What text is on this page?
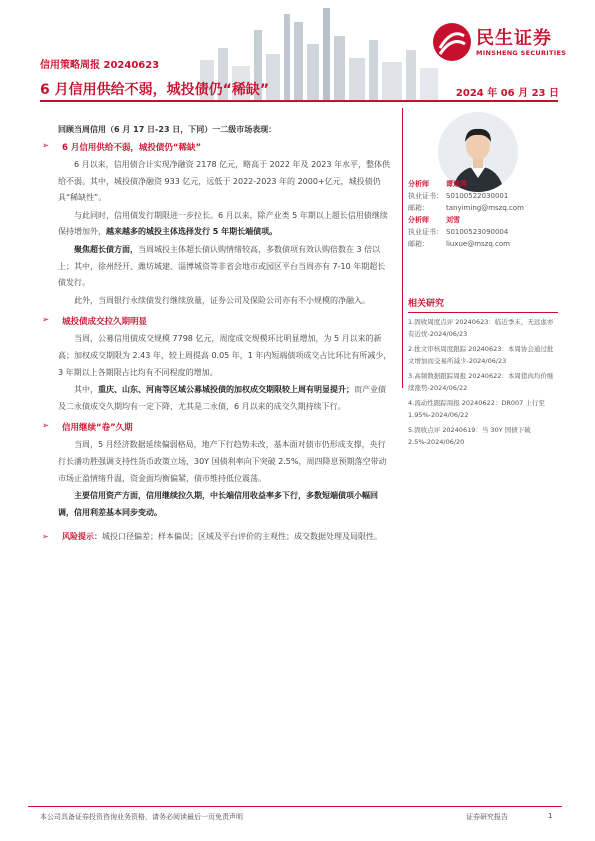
民生证券
MINSHENG SECURITIES
信用策略周报 20240623
6 月信用供给不弱，城投债仍“稀缺”	2024 年 06 月 23 日
回顾当周信用（6 月 17 日-23 日，下同）一二级市场表现：
➢ 6 月信用供给不弱，城投债仍“稀缺”

6 月以来，信用债合计实现净融资 2178 亿元，略高于 2022 年及 2023 年水平，整体供给不弱。其中，城投债净融资 933 亿元，远低于 2022-2023 年的 2000+亿元，城投债仍具“稀缺性”。

与此同时，信用债发行期限进一步拉长。6 月以来，除产业类 5 年期以上超长信用债继续保持增加外，越来越多的城投主体选择发行 5 年期长端债项。

聚焦超长债方面，当周城投主体超长债认购情绪较高，多数债项有效认购倍数在 3 倍以上；其中，徐州经开、潍坊城建、淄博城资等非省会地市或园区平台当周亦有 7-10 年期超长债发行。

此外，当周银行永续债发行继续放量，证券公司及保险公司亦有不小规模的净融入。

➢ 城投债成交拉久期明显

当周，公募信用债成交规模 7798 亿元，周度成交规模环比明显增加，为 5 月以来的新高；加权成交期限为 2.43 年，较上周提高 0.05 年，1 年内短端债项成交占比环比有所减少，3 年期以上各期限占比均有不同程度的增加。

其中，重庆、山东、河南等区域公募城投债的加权成交期限较上周有明显提升；而产业债及二永债成交久期均有一定下降，尤其是二永债，6 月以来的成交久期持续下行。

➢ 信用继续“卷”久期

当周，5 月经济数据延续偏弱格局，地产下行趋势未改，基本面对债市仍形成支撑，央行行长潘功胜强调支持性货币政策立场，30Y 国债利率向下突破 2.5%，周四降息预期落空带动市场止盈情绪升温，资金面均衡偏紧，债市维持低位震荡。

主要信用资产方面，信用继续拉久期，中长端信用收益率多下行，多数短端债项小幅回调，信用利差基本同步变动。

➢ 风险提示：城投口径偏差；样本偏误；区域及平台评价的主观性；成交数据处理及局限性。
分析师 谭逸鸣
执业证书： S0100522030001
邮箱： tanyiming@mszq.com
分析师 刘雪
执业证书： S0100523090004
邮箱： liuxue@mszq.com
相关研究
1.固收周度点评 20240623：临近季末，无远虑亦有近忧-2024/06/23
2.批文审核周度跟踪 20240623：本周协会通过批文增加而交易所减少-2024/06/23
3.高频数据跟踪周报 20240622：本周猪肉均价继续涨势-2024/06/22
4.流动性跟踪周报 20240622：DR007 上行至 1.95%-2024/06/22
5.固收点评 20240619：当 30Y 国债下破 2.5%-2024/06/20
本公司具备证券投资咨询业务资格，请务必阅读最后一页免责声明	证券研究报告	1
